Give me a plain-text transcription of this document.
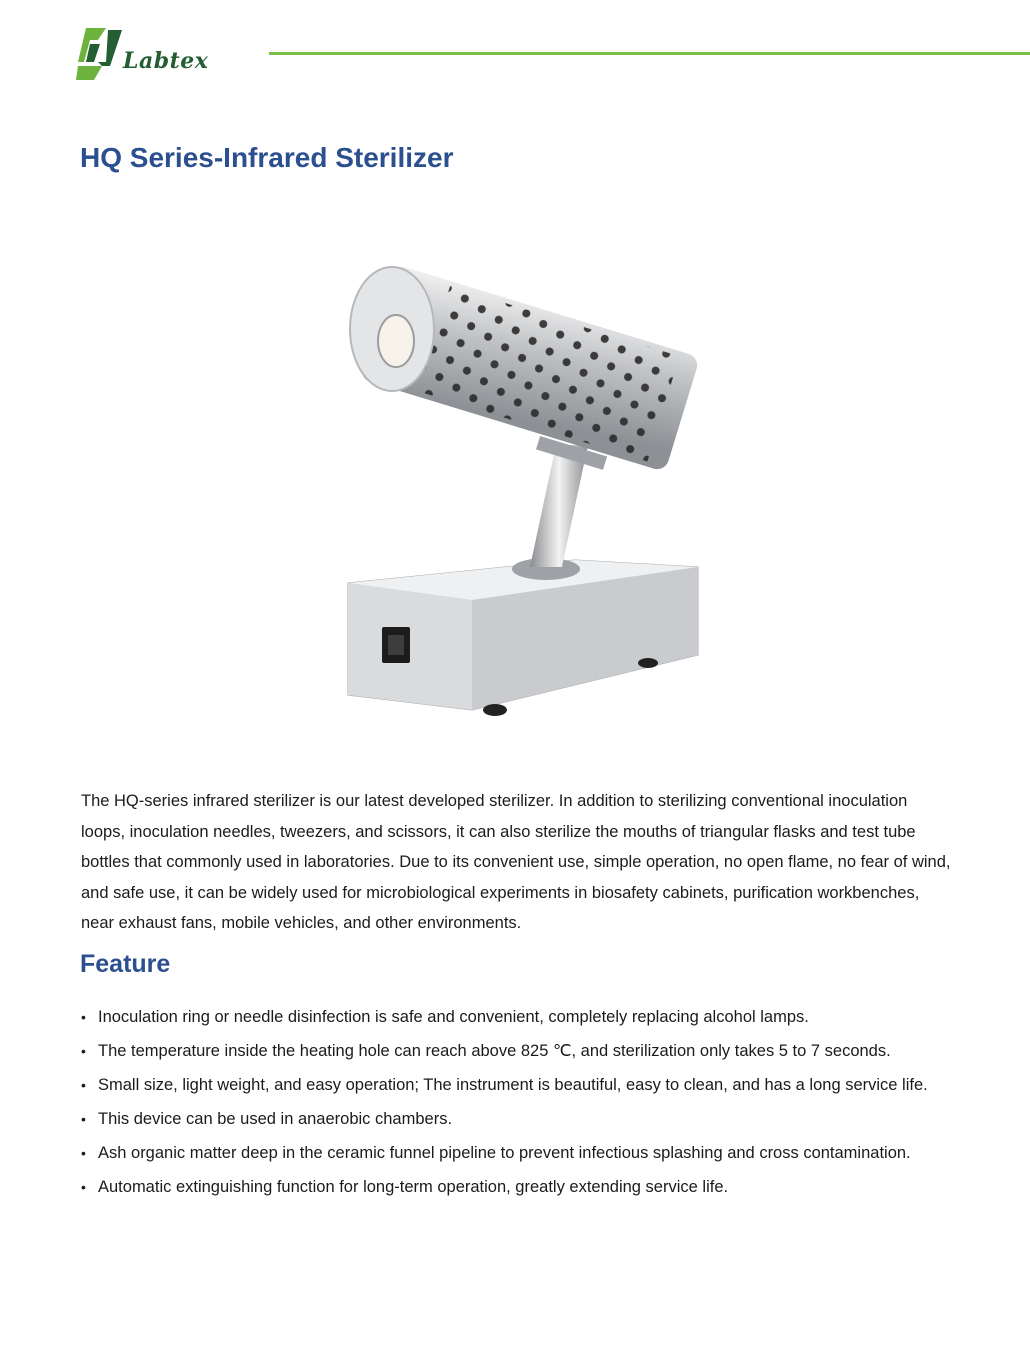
Labtex
HQ Series-Infrared Sterilizer

The HQ-series infrared sterilizer is our latest developed sterilizer. In addition to sterilizing conventional inoculation loops, inoculation needles, tweezers, and scissors, it can also sterilize the mouths of triangular flasks and test tube bottles that commonly used in laboratories. Due to its convenient use, simple operation, no open flame, no fear of wind, and safe use, it can be widely used for microbiological experiments in biosafety cabinets, purification workbenches, near exhaust fans, mobile vehicles, and other environments.

Feature
• Inoculation ring or needle disinfection is safe and convenient, completely replacing alcohol lamps.
• The temperature inside the heating hole can reach above 825 ℃, and sterilization only takes 5 to 7 seconds.
• Small size, light weight, and easy operation; The instrument is beautiful, easy to clean, and has a long service life.
• This device can be used in anaerobic chambers.
• Ash organic matter deep in the ceramic funnel pipeline to prevent infectious splashing and cross contamination.
• Automatic extinguishing function for long-term operation, greatly extending service life.
